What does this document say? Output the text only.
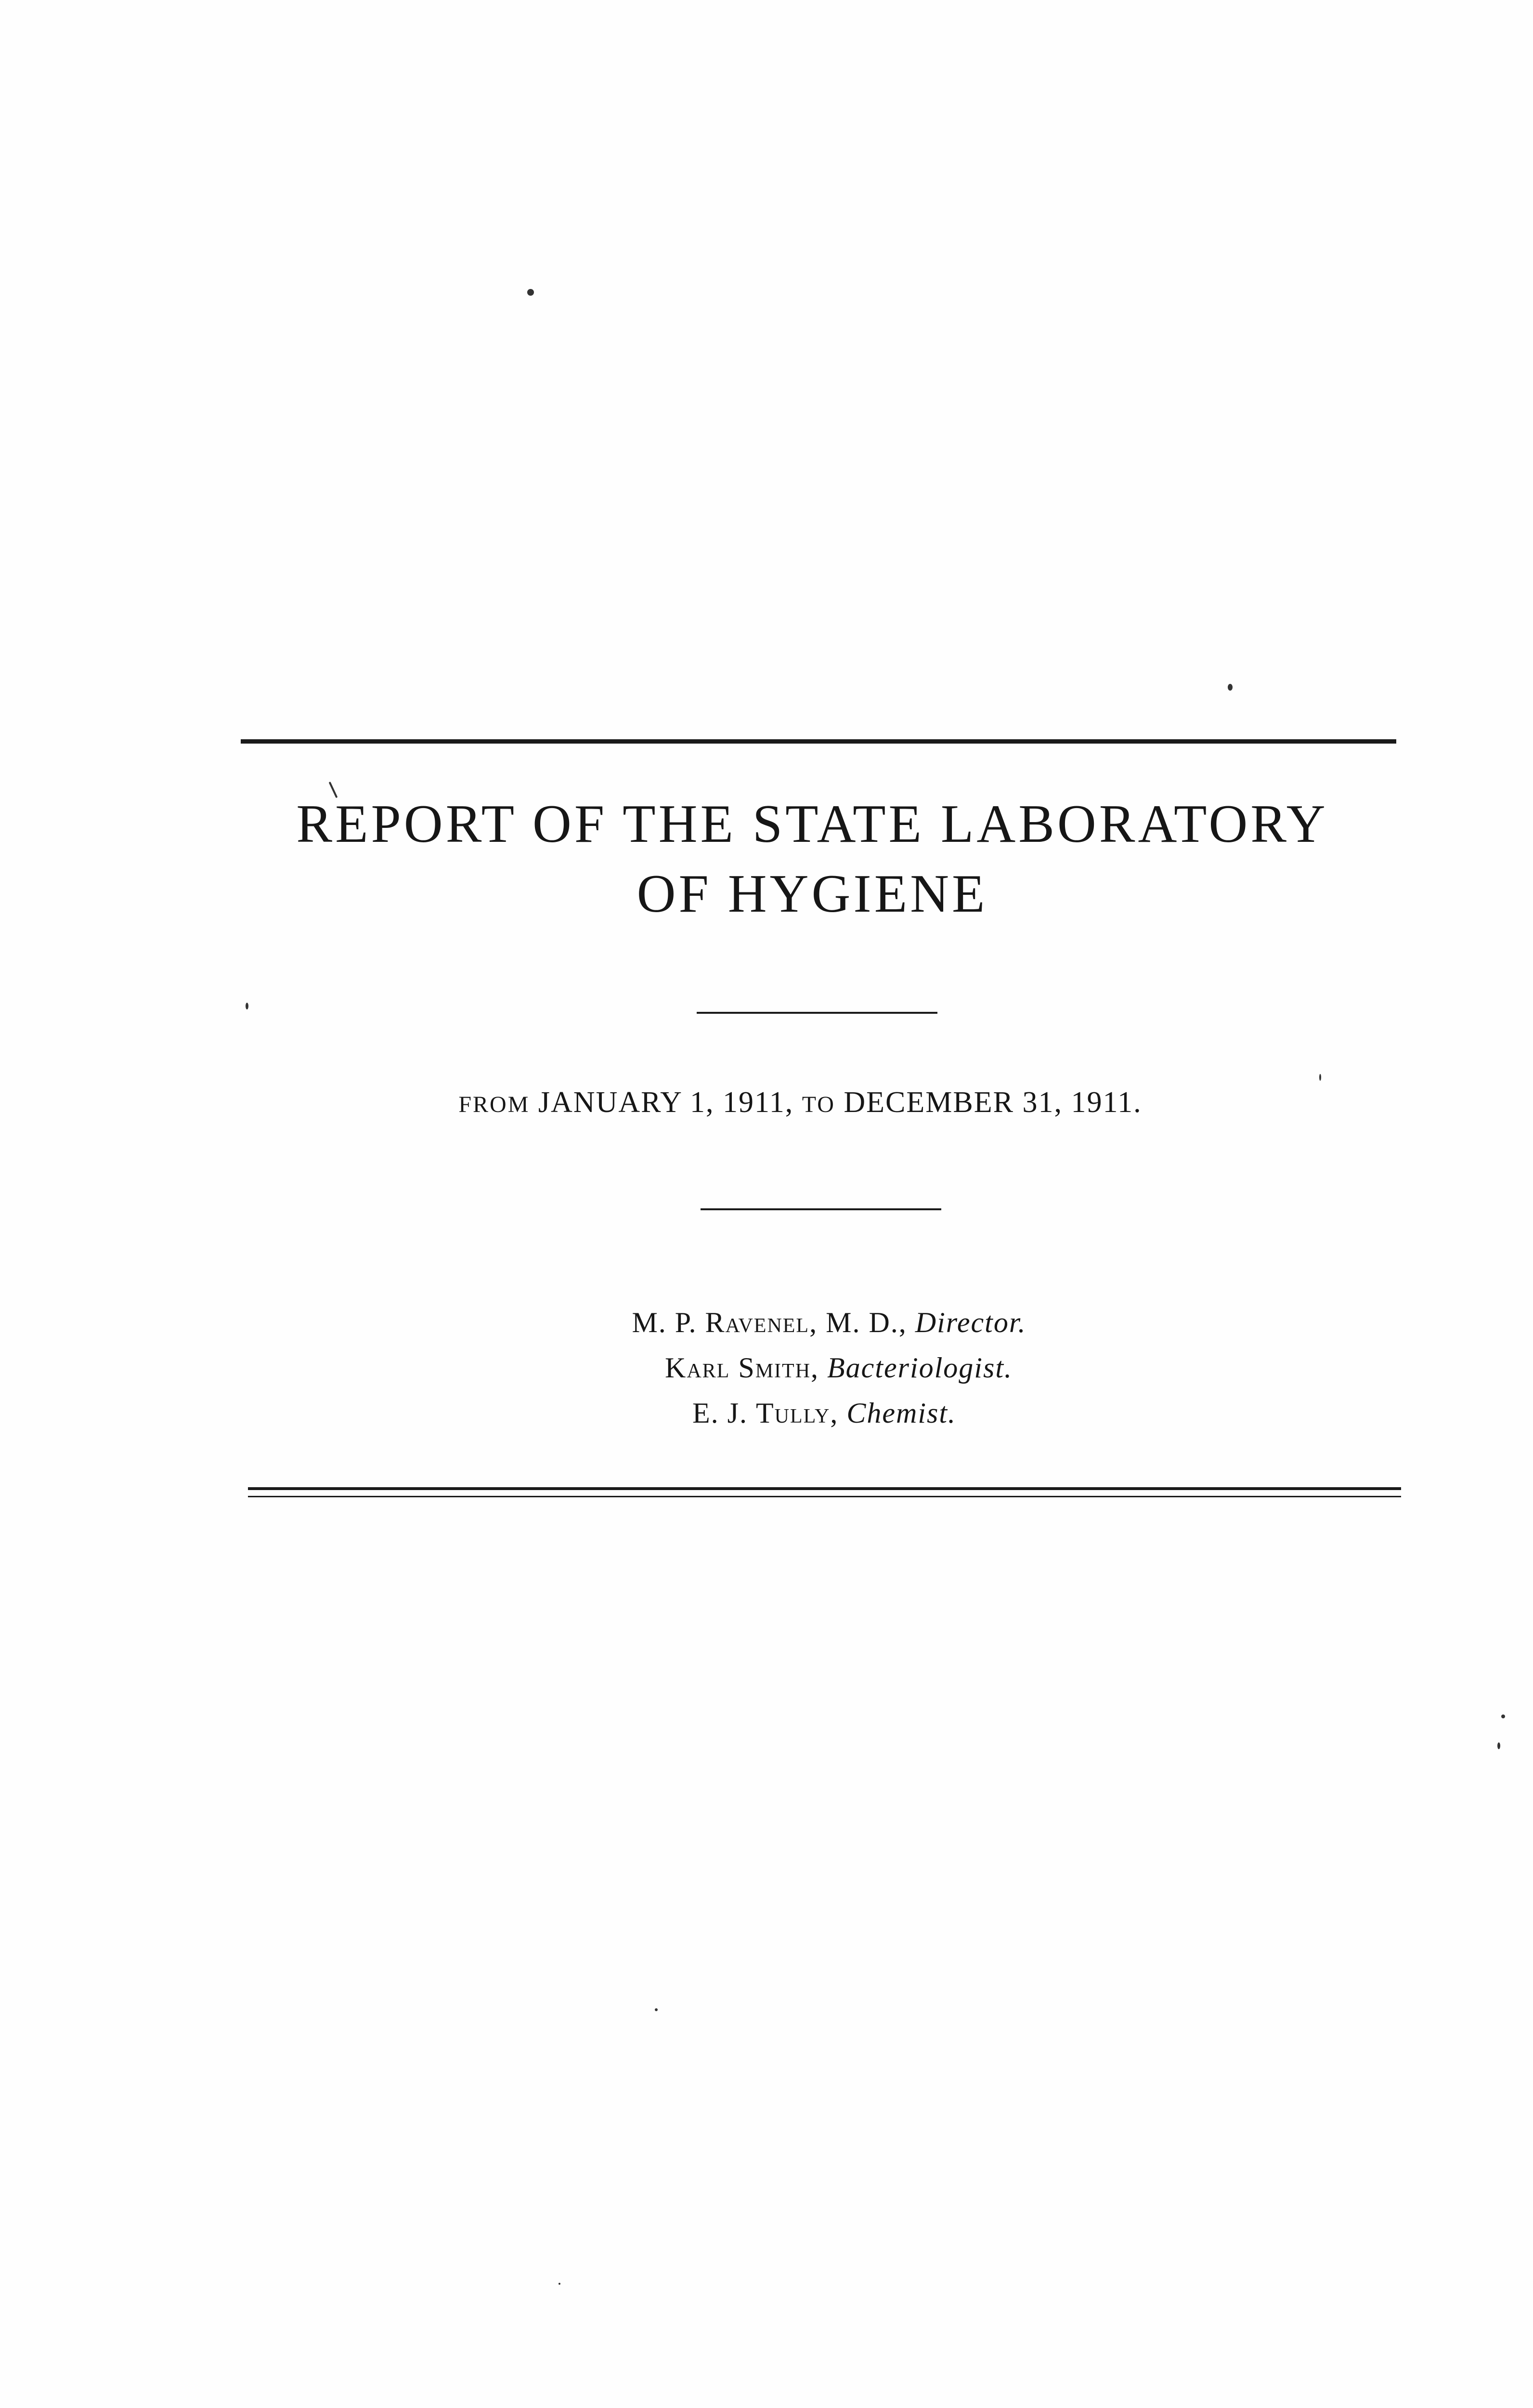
REPORT OF THE STATE LABORATORY
OF HYGIENE
FROM JANUARY 1, 1911, TO DECEMBER 31, 1911.
M. P. Ravenel, M. D., Director.
Karl Smith, Bacteriologist.
E. J. Tully, Chemist.
